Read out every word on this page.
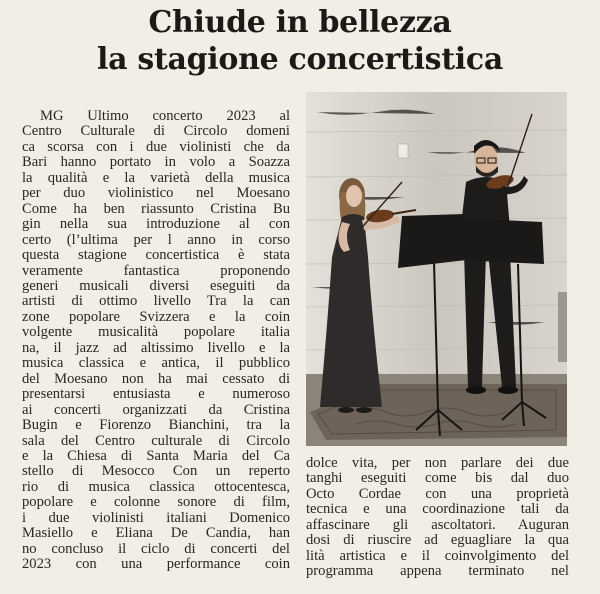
Chiude in bellezza
la stagione concertistica
MG Ultimo concerto 2023 al
Centro Culturale di Circolo domeni
ca scorsa con i due violinisti che da
Bari hanno portato in volo a Soazza
la qualità e la varietà della musica
per duo violinistico nel Moesano
Come ha ben riassunto Cristina Bu
gin nella sua introduzione al con
certo (l’ultima per l anno in corso
questa stagione concertistica è stata
veramente fantastica proponendo
generi musicali diversi eseguiti da
artisti di ottimo livello Tra la can
zone popolare Svizzera e la coin
volgente musicalità popolare italia
na, il jazz ad altissimo livello e la
musica classica e antica, il pubblico
del Moesano non ha mai cessato di
presentarsi entusiasta e numeroso
ai concerti organizzati da Cristina
Bugin e Fiorenzo Bianchini, tra la
sala del Centro culturale di Circolo
e la Chiesa di Santa Maria del Ca
stello di Mesocco Con un reperto
rio di musica classica ottocentesca,
popolare e colonne sonore di film,
i due violinisti italiani Domenico
Masiello e Eliana De Candia, han
no concluso il ciclo di concerti del
2023 con una performance coin
dolce vita, per non parlare dei due
tanghi eseguiti come bis dal duo
Octo Cordae con una proprietà
tecnica e una coordinazione tali da
affascinare gli ascoltatori. Auguran
dosi di riuscire ad eguagliare la qua
lità artistica e il coinvolgimento del
programma appena terminato nel
